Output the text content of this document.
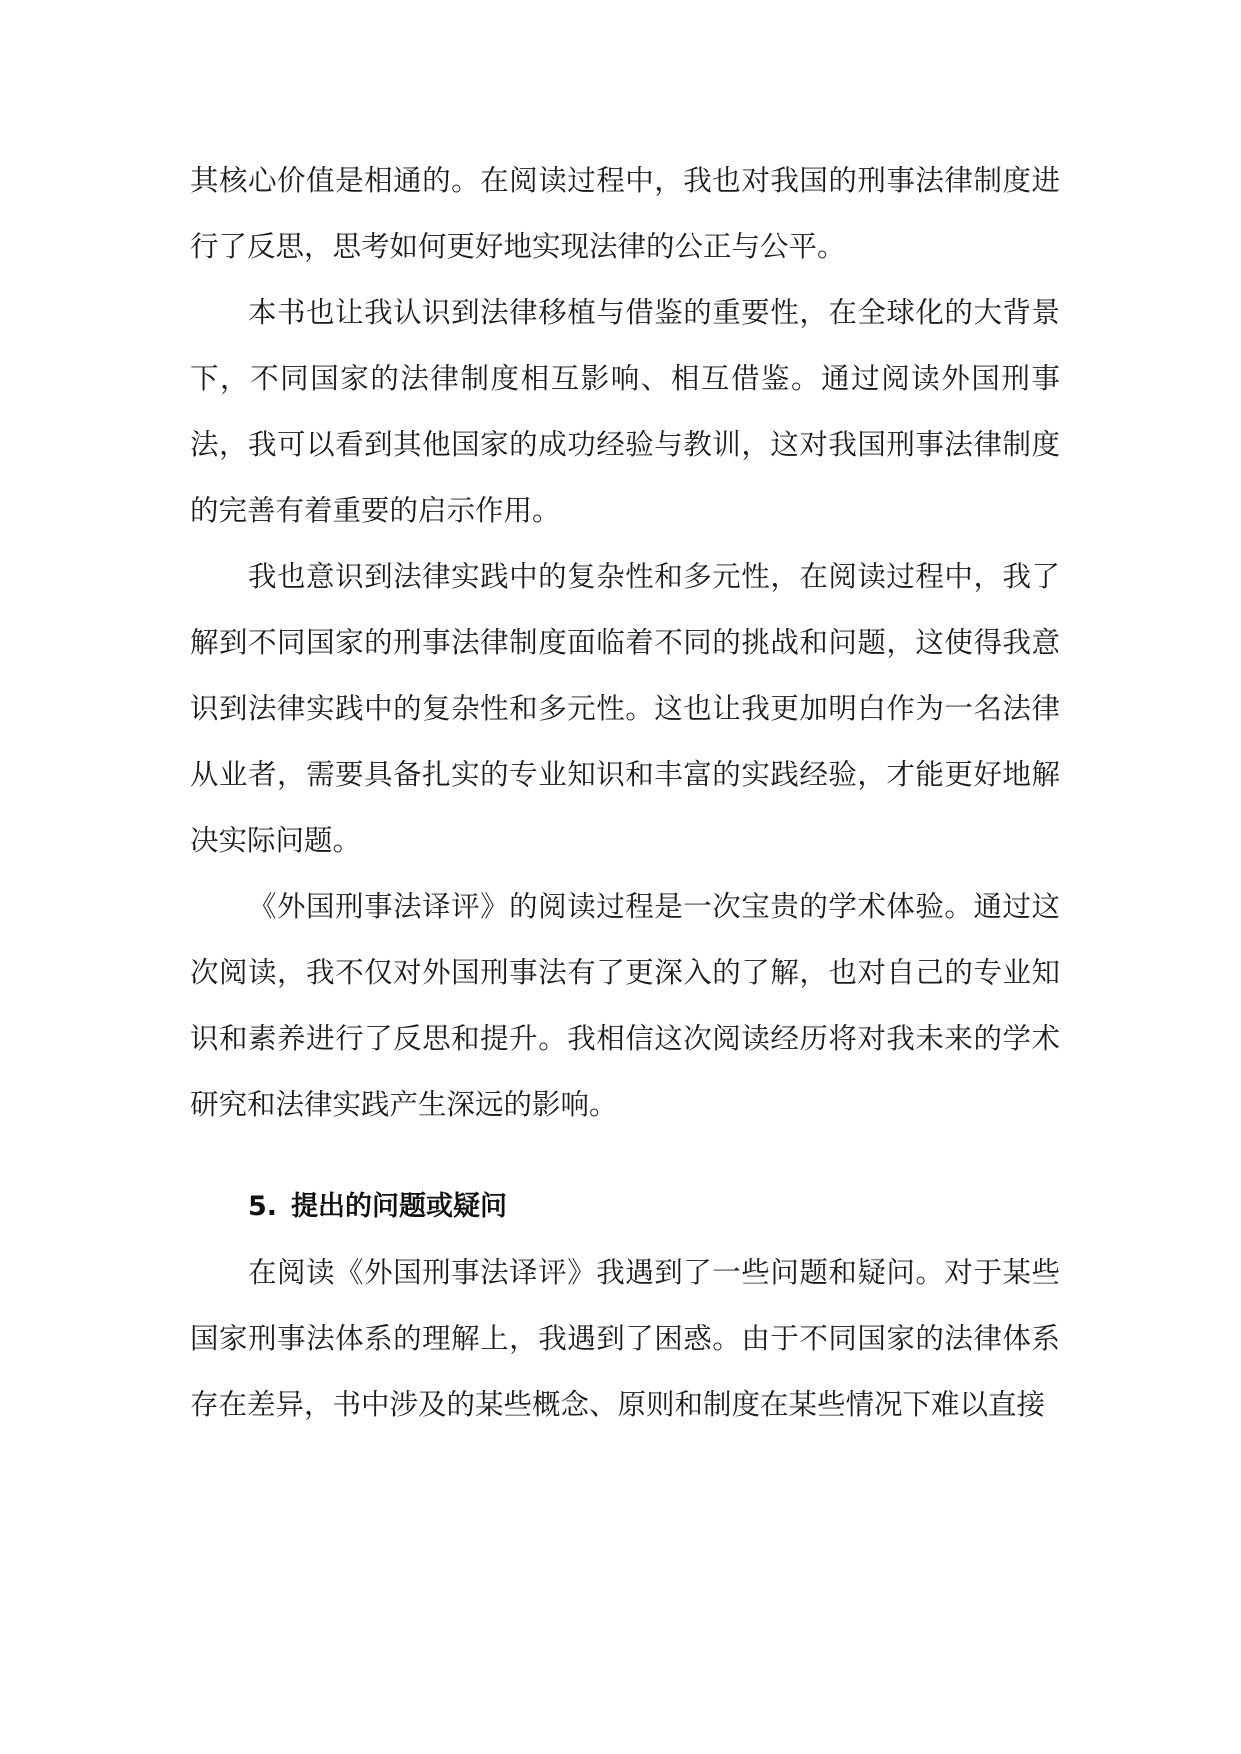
其核心价值是相通的。在阅读过程中，我也对我国的刑事法律制度进行了反思，思考如何更好地实现法律的公正与公平。

本书也让我认识到法律移植与借鉴的重要性，在全球化的大背景下，不同国家的法律制度相互影响、相互借鉴。通过阅读外国刑事法，我可以看到其他国家的成功经验与教训，这对我国刑事法律制度的完善有着重要的启示作用。

我也意识到法律实践中的复杂性和多元性，在阅读过程中，我了解到不同国家的刑事法律制度面临着不同的挑战和问题，这使得我意识到法律实践中的复杂性和多元性。这也让我更加明白作为一名法律从业者，需要具备扎实的专业知识和丰富的实践经验，才能更好地解决实际问题。

《外国刑事法译评》的阅读过程是一次宝贵的学术体验。通过这次阅读，我不仅对外国刑事法有了更深入的了解，也对自己的专业知识和素养进行了反思和提升。我相信这次阅读经历将对我未来的学术研究和法律实践产生深远的影响。

5. 提出的问题或疑问

在阅读《外国刑事法译评》我遇到了一些问题和疑问。对于某些国家刑事法体系的理解上，我遇到了困惑。由于不同国家的法律体系存在差异，书中涉及的某些概念、原则和制度在某些情况下难以直接
